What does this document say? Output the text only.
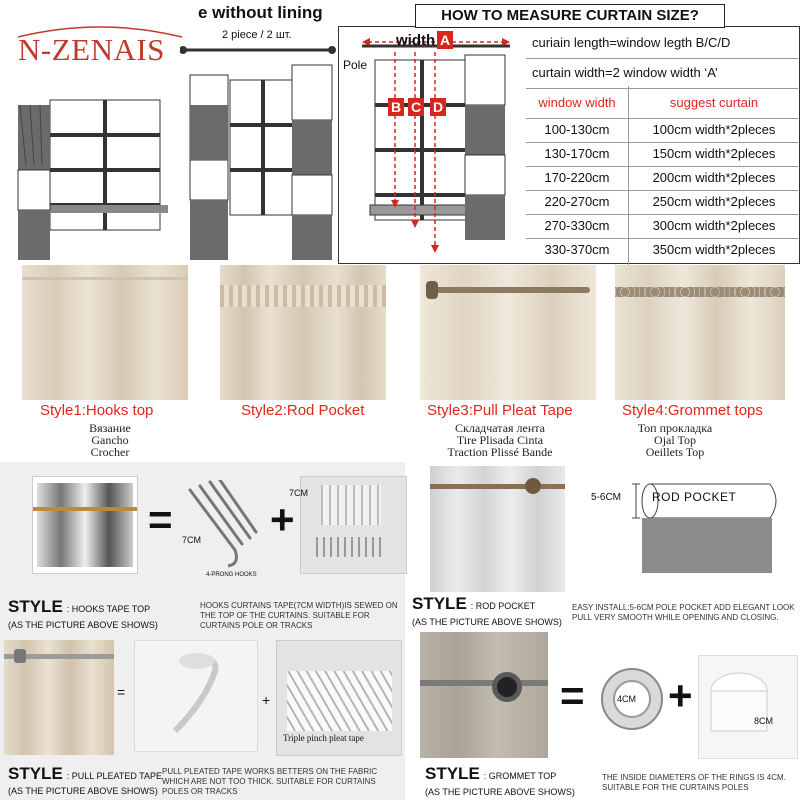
N-ZENAIS
e without lining
2 piece / 2 шт.
HOW TO MEASURE CURTAIN SIZE?
width
Pole
A
B C D
curiain length=window legth B/C/D
curtain width=2 window width ‘A’
window width	suggest curtain
100-130cm	100cm width*2pleces
130-170cm	150cm width*2pleces
170-220cm	200cm width*2pleces
220-270cm	250cm width*2pleces
270-330cm	300cm width*2pleces
330-370cm	350cm width*2pleces
Style1:Hooks top
Вязание
Gancho
Crocher
Style2:Rod Pocket	Style3:Pull Pleat Tape
Складчатая лента
Tire Plisada Cinta
Traction Plissé Bande
Style4:Grommet tops
Топ прокладка
Ojal Top
Oeillets Top
= 7CM
4-PRONG HOOKS
+
7CM
STYLE : HOOKS TAPE TOP
(AS THE PICTURE ABOVE SHOWS)
HOOKS CURTAINS TAPE(7CM WIDTH)IS SEWED ON THE TOP OF THE CURTAINS. SUITABLE FOR CURTAINS POLE OR TRACKS
5-6CM	ROD POCKET
STYLE : ROD POCKET
(AS THE PICTURE ABOVE SHOWS)
EASY INSTALL:5-6CM POLE POCKET ADD ELEGANT LOOK PULL VERY SMOOTH WHILE OPENING AND CLOSING.
=	+
Triple pinch pleat tape
STYLE : PULL PLEATED TAPE
(AS THE PICTURE ABOVE SHOWS)
PULL PLEATED TAPE WORKS BETTERS ON THE FABRIC WHICH ARE NOT TOO THICK. SUITABLE FOR CURTAINS POLES OR TRACKS
=	4CM +
8CM
STYLE : GROMMET TOP
(AS THE PICTURE ABOVE SHOWS)
THE INSIDE DIAMETERS OF THE RINGS IS 4CM. SUITABLE FOR THE CURTAINS POLES
